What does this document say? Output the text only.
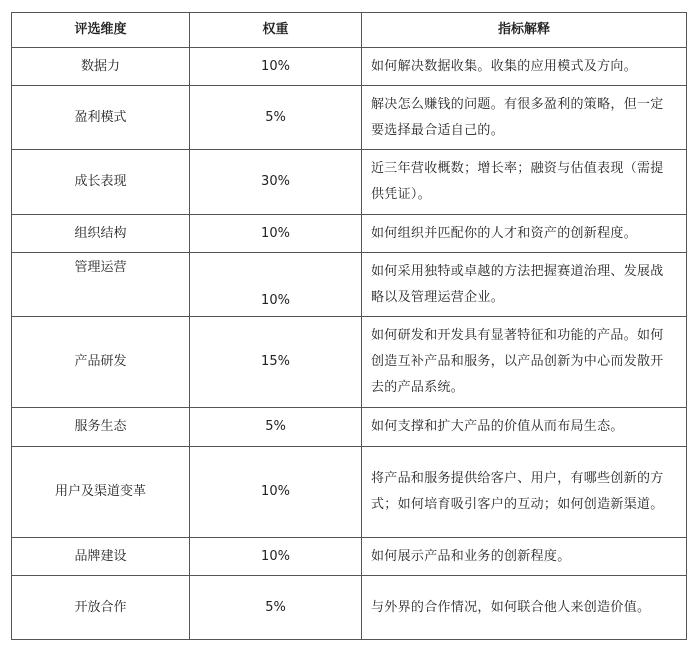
评选维度	权重	指标解释
数据力	10%	如何解决数据收集。收集的应用模式及方向。
盈利模式	5%	解决怎么赚钱的问题。有很多盈利的策略，但一定要选择最合适自己的。
成长表现	30%	近三年营收概数；增长率；融资与估值表现（需提供凭证）。
组织结构	10%	如何组织并匹配你的人才和资产的创新程度。
管理运营	10%	如何采用独特或卓越的方法把握赛道治理、发展战略以及管理运营企业。
产品研发	15%	如何研发和开发具有显著特征和功能的产品。如何创造互补产品和服务，以产品创新为中心而发散开去的产品系统。
服务生态	5%	如何支撑和扩大产品的价值从而布局生态。
用户及渠道变革	10%	将产品和服务提供给客户、用户，有哪些创新的方式；如何培育吸引客户的互动；如何创造新渠道。
品牌建设	10%	如何展示产品和业务的创新程度。
开放合作	5%	与外界的合作情况，如何联合他人来创造价值。
